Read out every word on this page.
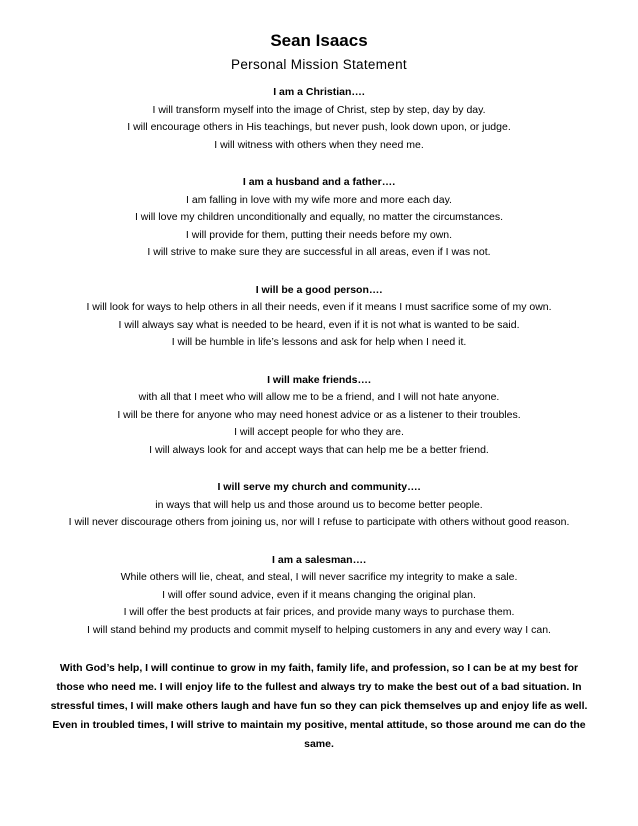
Sean Isaacs
Personal Mission Statement

I am a Christian….

I will transform myself into the image of Christ, step by step, day by day.

I will encourage others in His teachings, but never push, look down upon, or judge.

I will witness with others when they need me.

I am a husband and a father….

I am falling in love with my wife more and more each day.

I will love my children unconditionally and equally, no matter the circumstances.

I will provide for them, putting their needs before my own.

I will strive to make sure they are successful in all areas, even if I was not.

I will be a good person….

I will look for ways to help others in all their needs, even if it means I must sacrifice some of my own.

I will always say what is needed to be heard, even if it is not what is wanted to be said.

I will be humble in life’s lessons and ask for help when I need it.

I will make friends….

with all that I meet who will allow me to be a friend, and I will not hate anyone.

I will be there for anyone who may need honest advice or as a listener to their troubles.

I will accept people for who they are.

I will always look for and accept ways that can help me be a better friend.

I will serve my church and community….

in ways that will help us and those around us to become better people.

I will never discourage others from joining us, nor will I refuse to participate with others without good reason.

I am a salesman….

While others will lie, cheat, and steal, I will never sacrifice my integrity to make a sale.

I will offer sound advice, even if it means changing the original plan.

I will offer the best products at fair prices, and provide many ways to purchase them.

I will stand behind my products and commit myself to helping customers in any and every way I can.

With God’s help, I will continue to grow in my faith, family life, and profession, so I can be at my best for those who need me. I will enjoy life to the fullest and always try to make the best out of a bad situation. In stressful times, I will make others laugh and have fun so they can pick themselves up and enjoy life as well. Even in troubled times, I will strive to maintain my positive, mental attitude, so those around me can do the same.
